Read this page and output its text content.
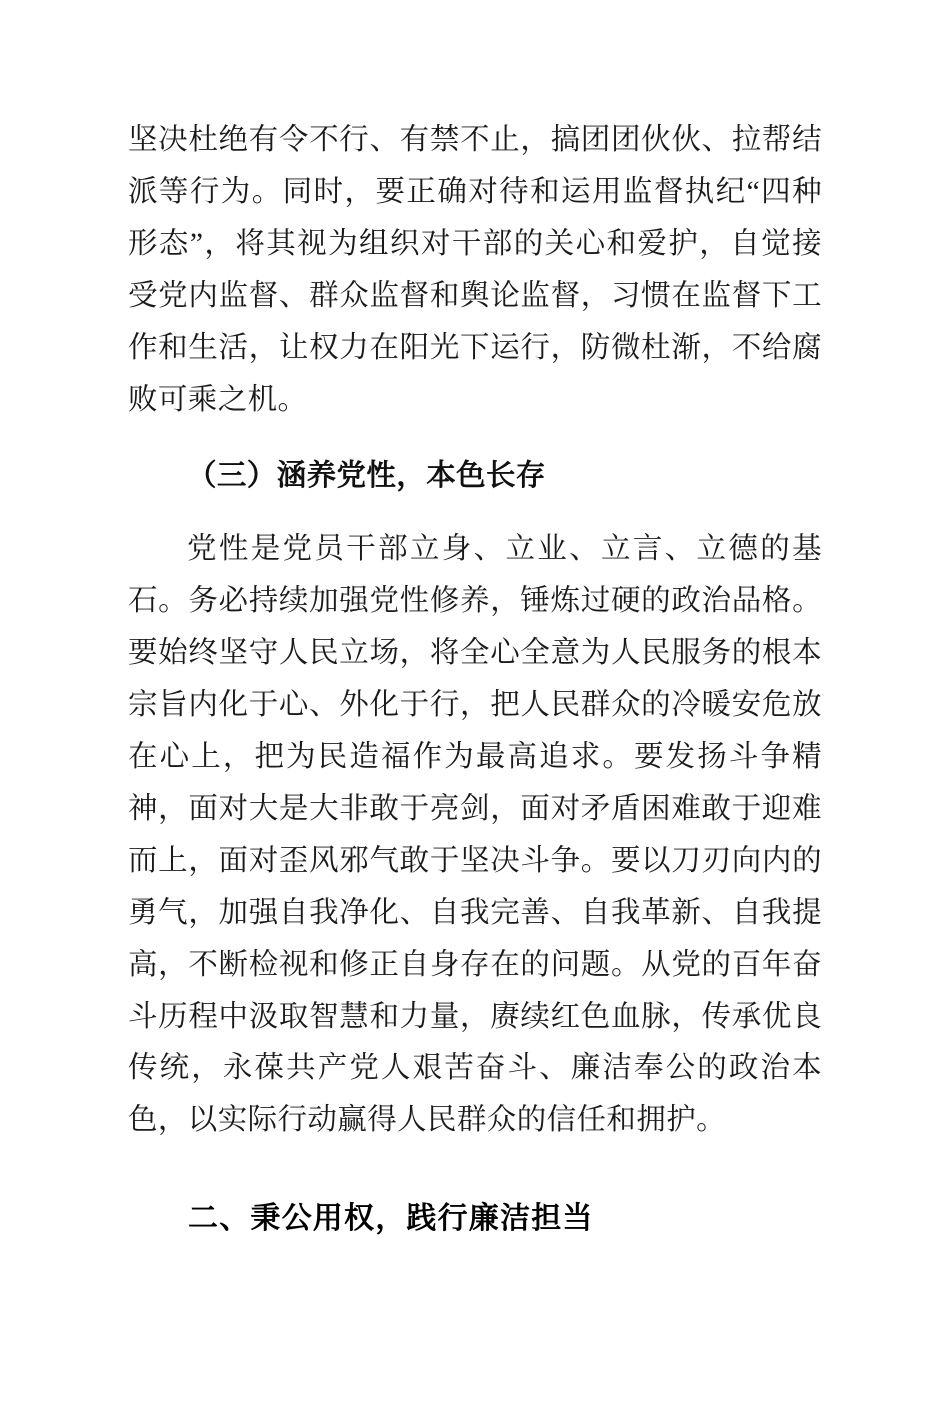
坚决杜绝有令不行、有禁不止，搞团团伙伙、拉帮结派等行为。同时，要正确对待和运用监督执纪“四种形态”，将其视为组织对干部的关心和爱护，自觉接受党内监督、群众监督和舆论监督，习惯在监督下工作和生活，让权力在阳光下运行，防微杜渐，不给腐败可乘之机。

（三）涵养党性，本色长存

党性是党员干部立身、立业、立言、立德的基石。务必持续加强党性修养，锤炼过硬的政治品格。要始终坚守人民立场，将全心全意为人民服务的根本宗旨内化于心、外化于行，把人民群众的冷暖安危放在心上，把为民造福作为最高追求。要发扬斗争精神，面对大是大非敢于亮剑，面对矛盾困难敢于迎难而上，面对歪风邪气敢于坚决斗争。要以刀刃向内的勇气，加强自我净化、自我完善、自我革新、自我提高，不断检视和修正自身存在的问题。从党的百年奋斗历程中汲取智慧和力量，赓续红色血脉，传承优良传统，永葆共产党人艰苦奋斗、廉洁奉公的政治本色，以实际行动赢得人民群众的信任和拥护。

二、秉公用权，践行廉洁担当
